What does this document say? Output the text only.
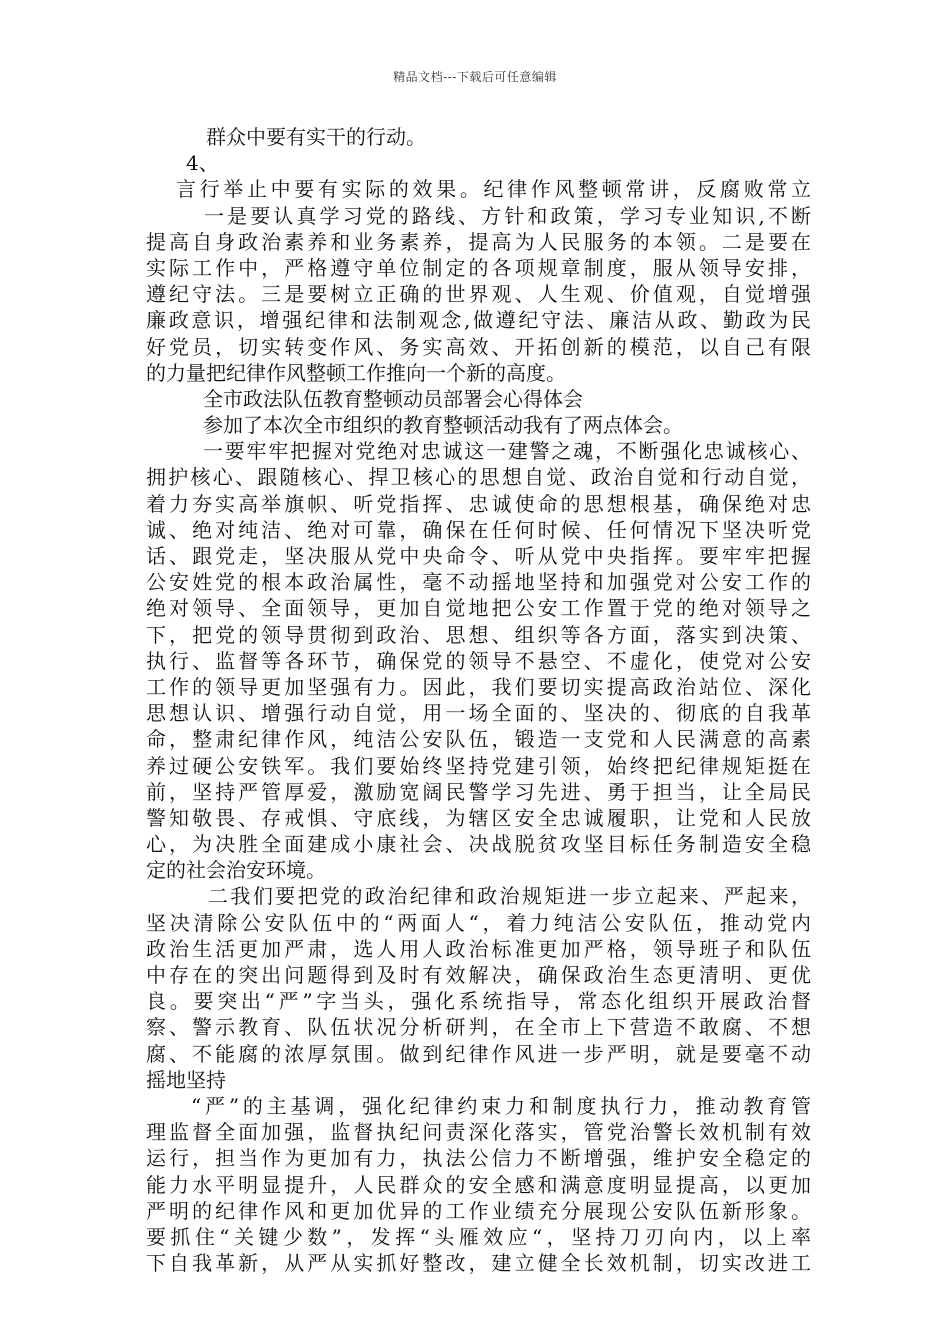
精品文档---下载后可任意编辑
群众中要有实干的行动。
4、
言行举止中要有实际的效果。纪律作风整顿常讲，反腐败常立
一是要认真学习党的路线、方针和政策，学习专业知识,不断
提高自身政治素养和业务素养，提高为人民服务的本领。二是要在
实际工作中，严格遵守单位制定的各项规章制度，服从领导安排，
遵纪守法。三是要树立正确的世界观、人生观、价值观，自觉增强
廉政意识，增强纪律和法制观念,做遵纪守法、廉洁从政、勤政为民
好党员，切实转变作风、务实高效、开拓创新的模范，以自己有限
的力量把纪律作风整顿工作推向一个新的高度。
全市政法队伍教育整顿动员部署会心得体会
参加了本次全市组织的教育整顿活动我有了两点体会。
一要牢牢把握对党绝对忠诚这一建警之魂，不断强化忠诚核心、
拥护核心、跟随核心、捍卫核心的思想自觉、政治自觉和行动自觉，
着力夯实高举旗帜、听党指挥、忠诚使命的思想根基，确保绝对忠
诚、绝对纯洁、绝对可靠，确保在任何时候、任何情况下坚决听党
话、跟党走，坚决服从党中央命令、听从党中央指挥。要牢牢把握
公安姓党的根本政治属性，毫不动摇地坚持和加强党对公安工作的
绝对领导、全面领导，更加自觉地把公安工作置于党的绝对领导之
下，把党的领导贯彻到政治、思想、组织等各方面，落实到决策、
执行、监督等各环节，确保党的领导不悬空、不虚化，使党对公安
工作的领导更加坚强有力。因此，我们要切实提高政治站位、深化
思想认识、增强行动自觉，用一场全面的、坚决的、彻底的自我革
命，整肃纪律作风，纯洁公安队伍，锻造一支党和人民满意的高素
养过硬公安铁军。我们要始终坚持党建引领，始终把纪律规矩挺在
前，坚持严管厚爱，激励宽阔民警学习先进、勇于担当，让全局民
警知敬畏、存戒惧、守底线，为辖区安全忠诚履职，让党和人民放
心，为决胜全面建成小康社会、决战脱贫攻坚目标任务制造安全稳
定的社会治安环境。
二我们要把党的政治纪律和政治规矩进一步立起来、严起来，
坚决清除公安队伍中的“两面人“，着力纯洁公安队伍，推动党内
政治生活更加严肃，选人用人政治标准更加严格，领导班子和队伍
中存在的突出问题得到及时有效解决，确保政治生态更清明、更优
良。要突出“严”字当头，强化系统指导，常态化组织开展政治督
察、警示教育、队伍状况分析研判，在全市上下营造不敢腐、不想
腐、不能腐的浓厚氛围。做到纪律作风进一步严明，就是要毫不动
摇地坚持
“严”的主基调，强化纪律约束力和制度执行力，推动教育管
理监督全面加强，监督执纪问责深化落实，管党治警长效机制有效
运行，担当作为更加有力，执法公信力不断增强，维护安全稳定的
能力水平明显提升，人民群众的安全感和满意度明显提高，以更加
严明的纪律作风和更加优异的工作业绩充分展现公安队伍新形象。
要抓住“关键少数”，发挥“头雁效应“，坚持刀刃向内，以上率
下自我革新，从严从实抓好整改，建立健全长效机制，切实改进工
